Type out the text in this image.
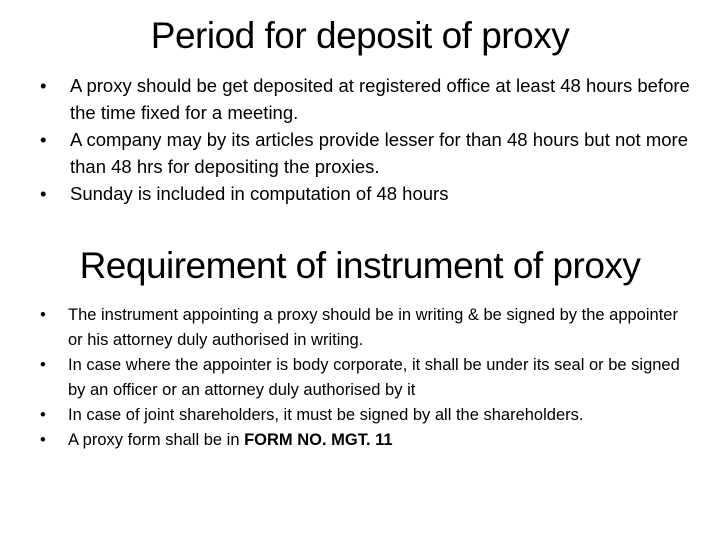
Period for deposit of proxy
• A proxy should be get deposited at registered office at least 48 hours before the time fixed for a meeting.
• A company may by its articles provide lesser for than 48 hours but not more than 48 hrs for depositing the proxies.
• Sunday is included in computation of 48 hours
Requirement of instrument of proxy
• The instrument appointing a proxy should be in writing & be signed by the appointer or his attorney duly authorised in writing.
• In case where the appointer is body corporate, it shall be under its seal or be signed by an officer or an attorney duly authorised by it
• In case of joint shareholders, it must be signed by all the shareholders.
• A proxy form shall be in FORM NO. MGT. 11
